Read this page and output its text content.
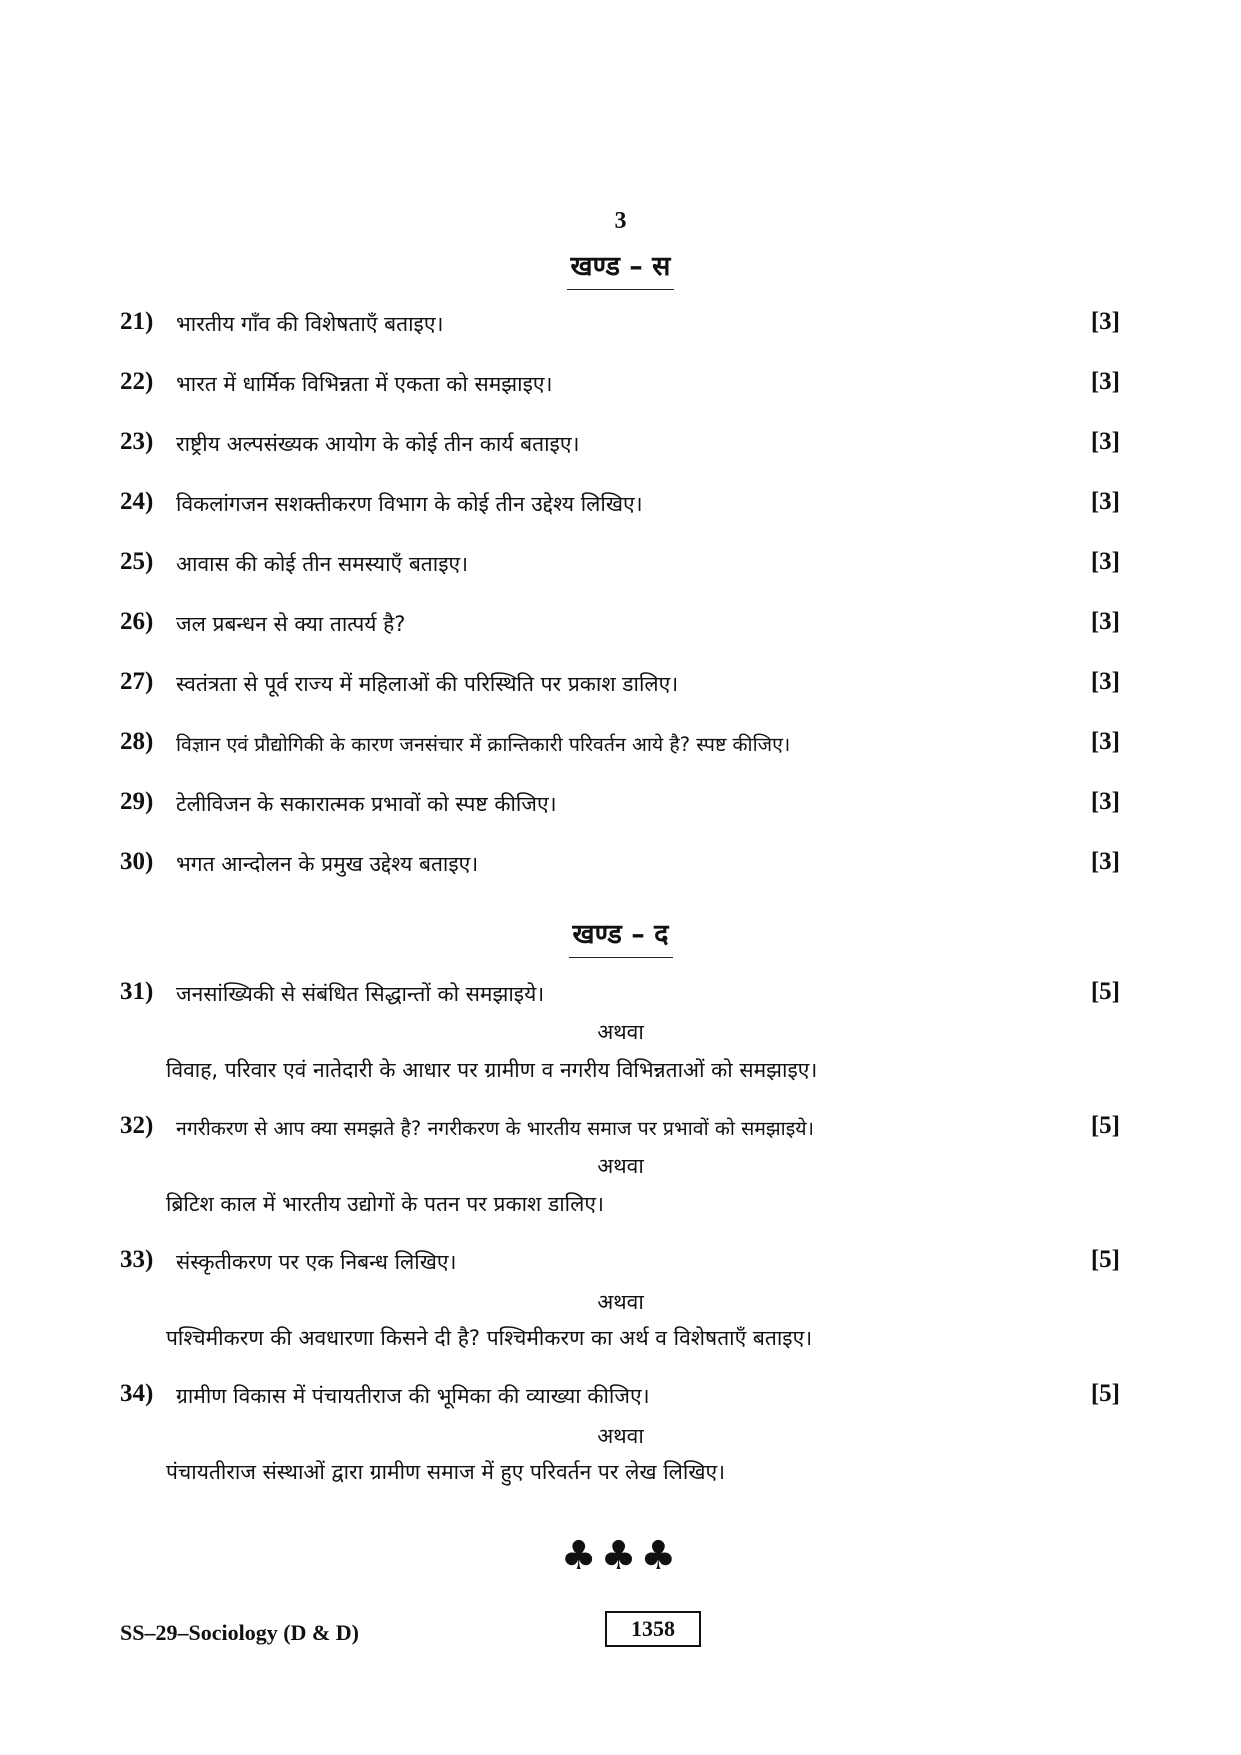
3
खण्ड – स
21) भारतीय गाँव की विशेषताएँ बताइए।	[3]
22) भारत में धार्मिक विभिन्नता में एकता को समझाइए।	[3]
23) राष्ट्रीय अल्पसंख्यक आयोग के कोई तीन कार्य बताइए।	[3]
24) विकलांगजन सशक्तीकरण विभाग के कोई तीन उद्देश्य लिखिए।	[3]
25) आवास की कोई तीन समस्याएँ बताइए।	[3]
26) जल प्रबन्धन से क्या तात्पर्य है?	[3]
27) स्वतंत्रता से पूर्व राज्य में महिलाओं की परिस्थिति पर प्रकाश डालिए।	[3]
28) विज्ञान एवं प्रौद्योगिकी के कारण जनसंचार में क्रान्तिकारी परिवर्तन आये है? स्पष्ट कीजिए।	[3]
29) टेलीविजन के सकारात्मक प्रभावों को स्पष्ट कीजिए।	[3]
30) भगत आन्दोलन के प्रमुख उद्देश्य बताइए।	[3]
खण्ड – द
31) जनसांख्यिकी से संबंधित सिद्धान्तों को समझाइये।	[5]
अथवा
विवाह, परिवार एवं नातेदारी के आधार पर ग्रामीण व नगरीय विभिन्नताओं को समझाइए।
32) नगरीकरण से आप क्या समझते है? नगरीकरण के भारतीय समाज पर प्रभावों को समझाइये।	[5]
अथवा
ब्रिटिश काल में भारतीय उद्योगों के पतन पर प्रकाश डालिए।
33) संस्कृतीकरण पर एक निबन्ध लिखिए।	[5]
अथवा
पश्चिमीकरण की अवधारणा किसने दी है? पश्चिमीकरण का अर्थ व विशेषताएँ बताइए।
34) ग्रामीण विकास में पंचायतीराज की भूमिका की व्याख्या कीजिए।	[5]
अथवा
पंचायतीराज संस्थाओं द्वारा ग्रामीण समाज में हुए परिवर्तन पर लेख लिखिए।
♣♣♣
SS–29–Sociology (D & D)	1358
